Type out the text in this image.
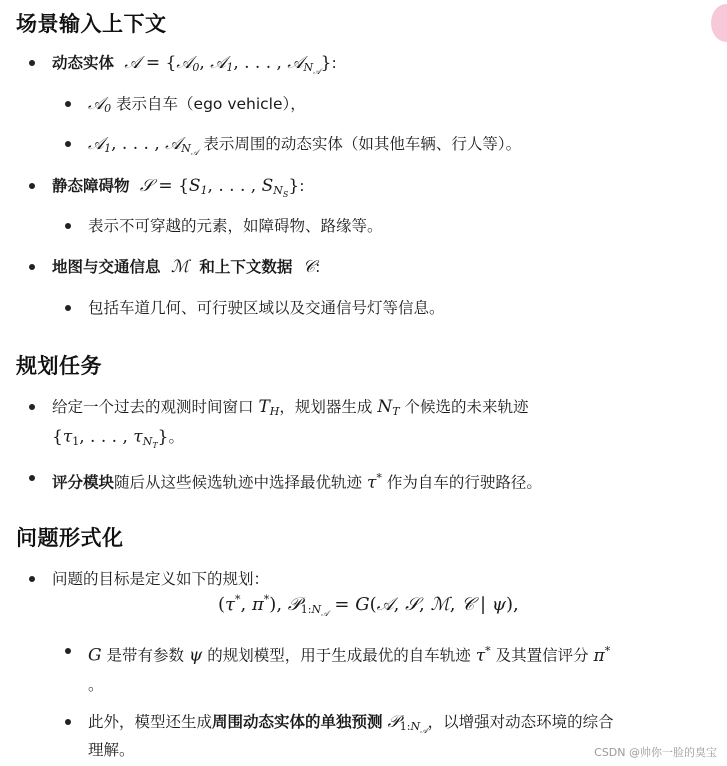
场景输入上下文
动态实体  𝒜 = {𝒜$_0$, 𝒜$_1$, . . . , 𝒜$_{N_𝒜}$}:
𝒜$_0$ 表示自车（ego vehicle），
𝒜$_1$, . . . , 𝒜$_{N_𝒜}$ 表示周围的动态实体（如其他车辆、行人等）。
静态障碍物  𝒮 = {$S_1$, . . . , $S_{N_S}$}:
表示不可穿越的元素，如障碍物、路缘等。
地图与交通信息  ℳ  和上下文数据  𝒞:
包括车道几何、可行驶区域以及交通信号灯等信息。
规划任务
给定一个过去的观测时间窗口 $T_H$，规划器生成 $N_T$ 个候选的未来轨迹
{$\tau_1$, . . . , $\tau_{N_T}$}。
评分模块随后从这些候选轨迹中选择最优轨迹 τ* 作为自车的行驶路径。
问题形式化
问题的目标是定义如下的规划：
(τ*, π*), 𝒫$_{1:N_𝒜}$ = G(𝒜, 𝒮, ℳ, 𝒞 | ψ),
G 是带有参数 ψ 的规划模型，用于生成最优的自车轨迹 τ* 及其置信评分 π*
。
此外，模型还生成周围动态实体的单独预测 𝒫$_{1:N_𝒜}$，以增强对动态环境的综合
理解。	CSDN @帅你一脸的臭宝
